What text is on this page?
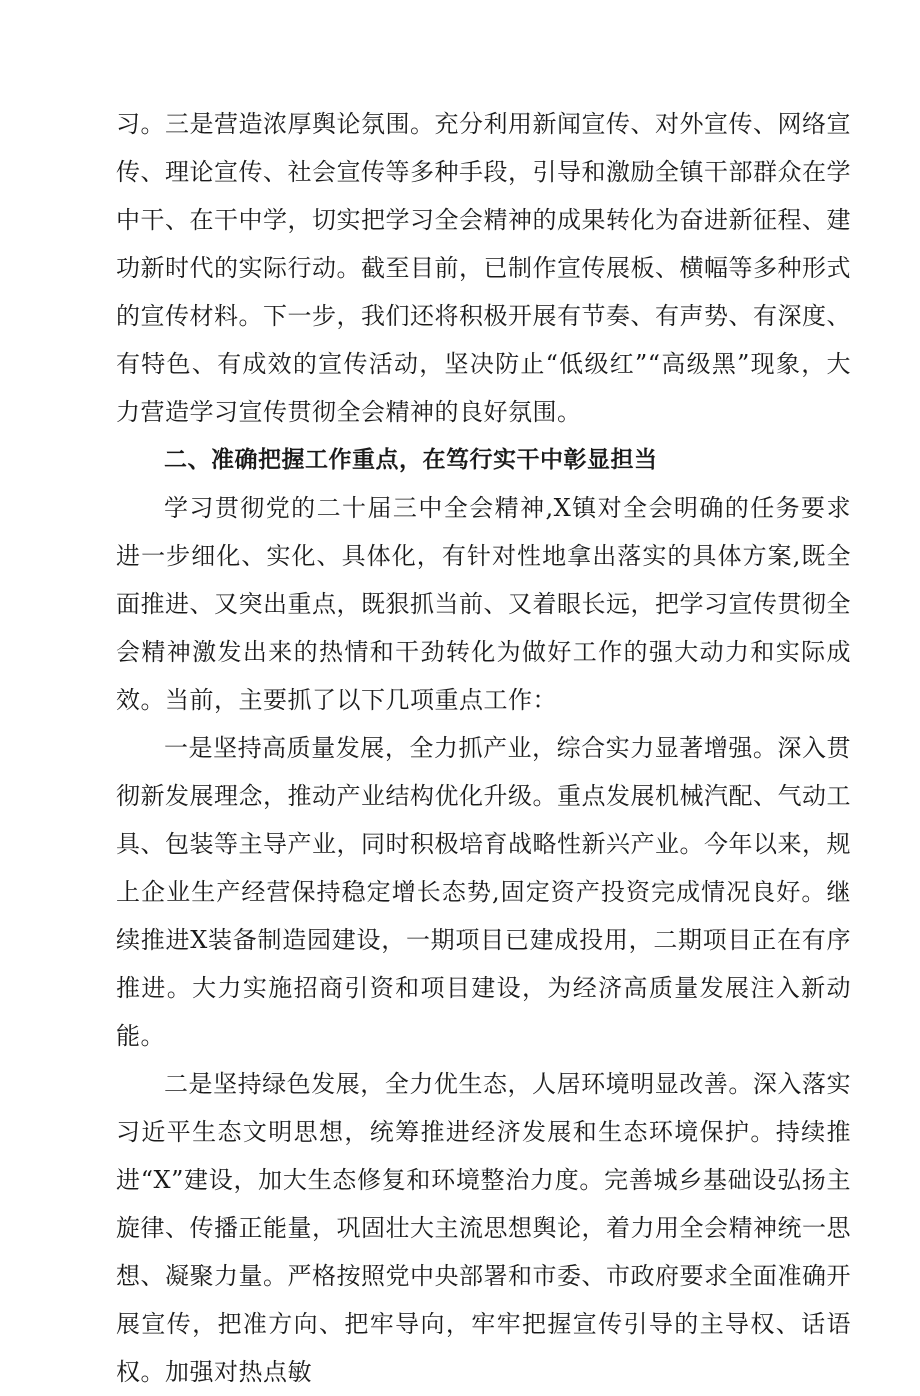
习。三是营造浓厚舆论氛围。充分利用新闻宣传、对外宣传、网络宣传、理论宣传、社会宣传等多种手段，引导和激励全镇干部群众在学中干、在干中学，切实把学习全会精神的成果转化为奋进新征程、建功新时代的实际行动。截至目前，已制作宣传展板、横幅等多种形式的宣传材料。下一步，我们还将积极开展有节奏、有声势、有深度、有特色、有成效的宣传活动，坚决防止“低级红”“高级黑”现象，大力营造学习宣传贯彻全会精神的良好氛围。

二、准确把握工作重点，在笃行实干中彰显担当

学习贯彻党的二十届三中全会精神,X镇对全会明确的任务要求进一步细化、实化、具体化，有针对性地拿出落实的具体方案,既全面推进、又突出重点，既狠抓当前、又着眼长远，把学习宣传贯彻全会精神激发出来的热情和干劲转化为做好工作的强大动力和实际成效。当前，主要抓了以下几项重点工作：

一是坚持高质量发展，全力抓产业，综合实力显著增强。深入贯彻新发展理念，推动产业结构优化升级。重点发展机械汽配、气动工具、包装等主导产业，同时积极培育战略性新兴产业。今年以来，规上企业生产经营保持稳定增长态势,固定资产投资完成情况良好。继续推进X装备制造园建设，一期项目已建成投用，二期项目正在有序推进。大力实施招商引资和项目建设，为经济高质量发展注入新动能。

二是坚持绿色发展，全力优生态，人居环境明显改善。深入落实习近平生态文明思想，统筹推进经济发展和生态环境保护。持续推进“X”建设，加大生态修复和环境整治力度。完善城乡基础设弘扬主旋律、传播正能量，巩固壮大主流思想舆论，着力用全会精神统一思想、凝聚力量。严格按照党中央部署和市委、市政府要求全面准确开展宣传，把准方向、把牢导向，牢牢把握宣传引导的主导权、话语权。加强对热点敏
